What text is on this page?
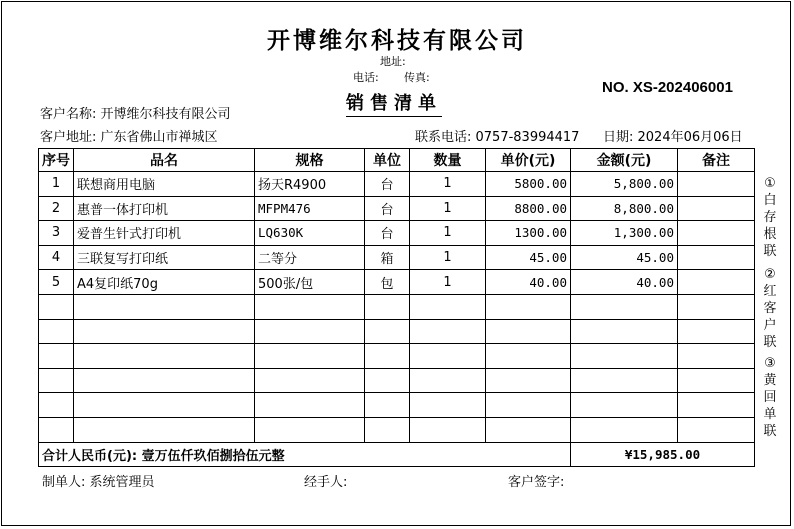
开博维尔科技有限公司
地址:
电话: 传真:
NO. XS-202406001
销售清单
客户名称: 开博维尔科技有限公司
客户地址: 广东省佛山市禅城区	联系电话: 0757-83994417 日期: 2024年06月06日
序号	品名	规格	单位	数量	单价(元)	金额(元)	备注
1	联想商用电脑	扬天R4900	台	1	5800.00	5,800.00	
2	惠普一体打印机	MFPM476	台	1	8800.00	8,800.00	
3	爱普生针式打印机	LQ630K	台	1	1300.00	1,300.00	
4	三联复写打印纸	二等分	箱	1	45.00	45.00	
5	A4复印纸70g	500张/包	包	1	40.00	40.00	

合计人民币(元): 壹万伍仟玖佰捌拾伍元整						¥15,985.00	
①白存根联
②红客户联
③黄回单联
制单人: 系统管理员	经手人:	客户签字:
